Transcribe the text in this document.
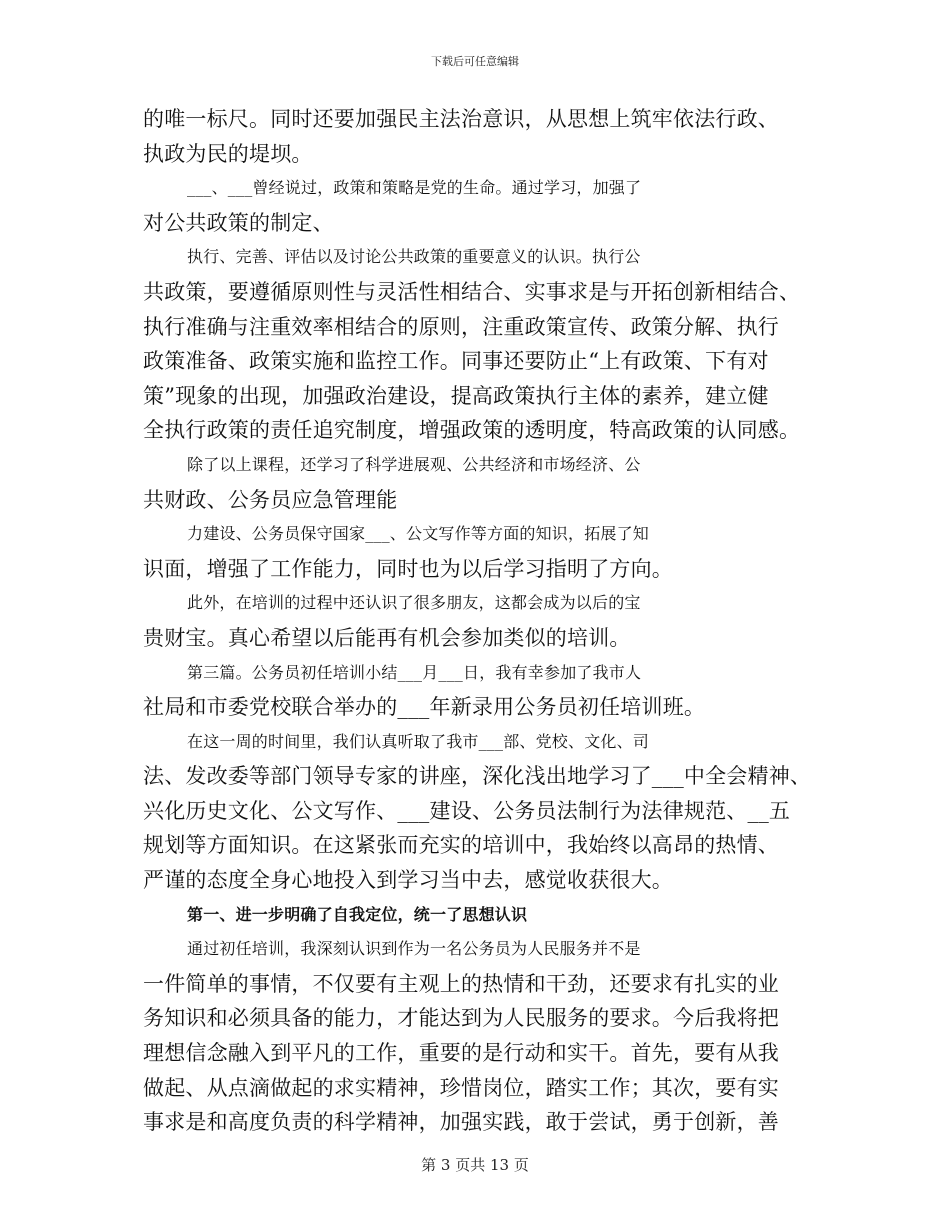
下载后可任意编辑
的唯一标尺。同时还要加强民主法治意识，从思想上筑牢依法行政、
执政为民的堤坝。
___、___曾经说过，政策和策略是党的生命。通过学习，加强了
对公共政策的制定、
执行、完善、评估以及讨论公共政策的重要意义的认识。执行公
共政策，要遵循原则性与灵活性相结合、实事求是与开拓创新相结合、
执行准确与注重效率相结合的原则，注重政策宣传、政策分解、执行
政策准备、政策实施和监控工作。同事还要防止“上有政策、下有对
策”现象的出现，加强政治建设，提高政策执行主体的素养，建立健
全执行政策的责任追究制度，增强政策的透明度，特高政策的认同感。
除了以上课程，还学习了科学进展观、公共经济和市场经济、公
共财政、公务员应急管理能
力建设、公务员保守国家___、公文写作等方面的知识，拓展了知
识面，增强了工作能力，同时也为以后学习指明了方向。
此外，在培训的过程中还认识了很多朋友，这都会成为以后的宝
贵财宝。真心希望以后能再有机会参加类似的培训。
第三篇。公务员初任培训小结___月___日，我有幸参加了我市人
社局和市委党校联合举办的___年新录用公务员初任培训班。
在这一周的时间里，我们认真听取了我市___部、党校、文化、司
法、发改委等部门领导专家的讲座，深化浅出地学习了___中全会精神、
兴化历史文化、公文写作、___建设、公务员法制行为法律规范、__五
规划等方面知识。在这紧张而充实的培训中，我始终以高昂的热情、
严谨的态度全身心地投入到学习当中去，感觉收获很大。
第一、进一步明确了自我定位，统一了思想认识
通过初任培训，我深刻认识到作为一名公务员为人民服务并不是
一件简单的事情，不仅要有主观上的热情和干劲，还要求有扎实的业
务知识和必须具备的能力，才能达到为人民服务的要求。今后我将把
理想信念融入到平凡的工作，重要的是行动和实干。首先，要有从我
做起、从点滴做起的求实精神，珍惜岗位，踏实工作；其次，要有实
事求是和高度负责的科学精神，加强实践，敢于尝试，勇于创新，善
第 3 页共 13 页
